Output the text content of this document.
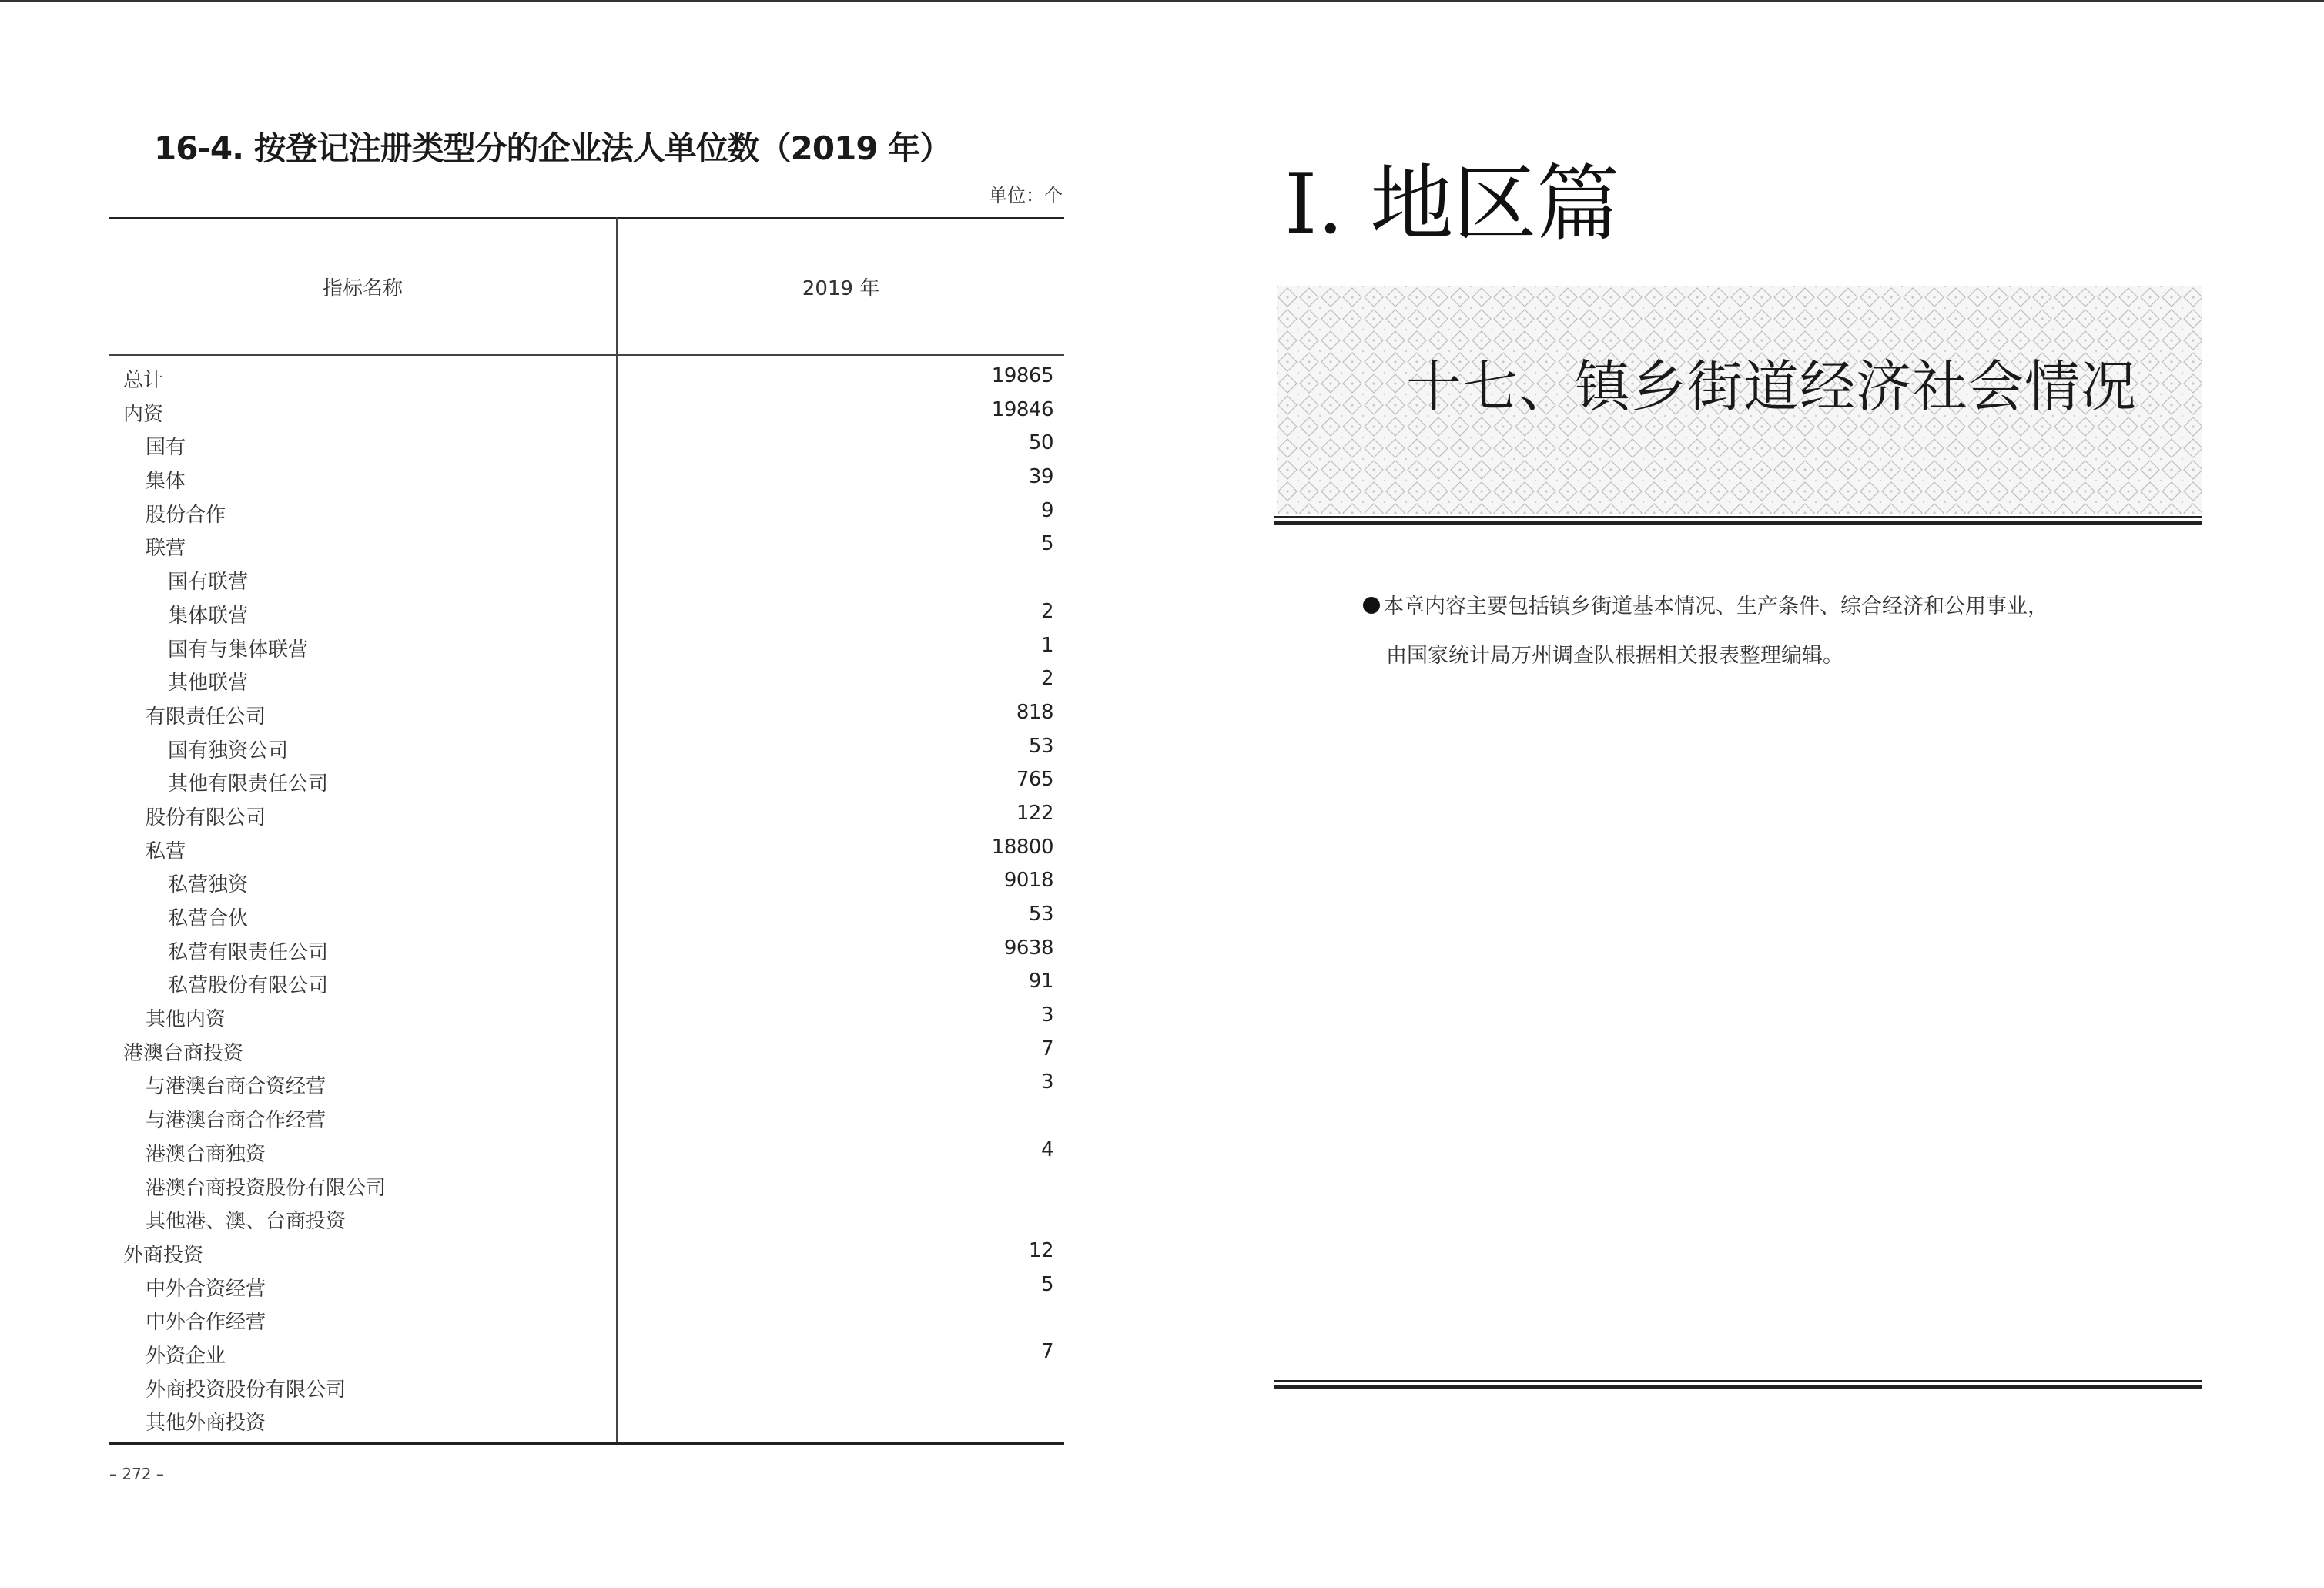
16-4. 按登记注册类型分的企业法人单位数（2019 年）
单位：个
指标名称	2019 年
总计	19865
内资	19846
国有	50
集体	39
股份合作	9
联营	5
国有联营
集体联营	2
国有与集体联营	1
其他联营	2
有限责任公司	818
国有独资公司	53
其他有限责任公司	765
股份有限公司	122
私营	18800
私营独资	9018
私营合伙	53
私营有限责任公司	9638
私营股份有限公司	91
其他内资	3
港澳台商投资	7
与港澳台商合资经营	3
与港澳台商合作经营
港澳台商独资	4
港澳台商投资股份有限公司
其他港、澳、台商投资
外商投资	12
中外合资经营	5
中外合作经营
外资企业	7
外商投资股份有限公司
其他外商投资
– 272 –
Ⅰ. 地区篇
十七、镇乡街道经济社会情况

本章内容主要包括镇乡街道基本情况、生产条件、综合经济和公用事业，

由国家统计局万州调查队根据相关报表整理编辑。
